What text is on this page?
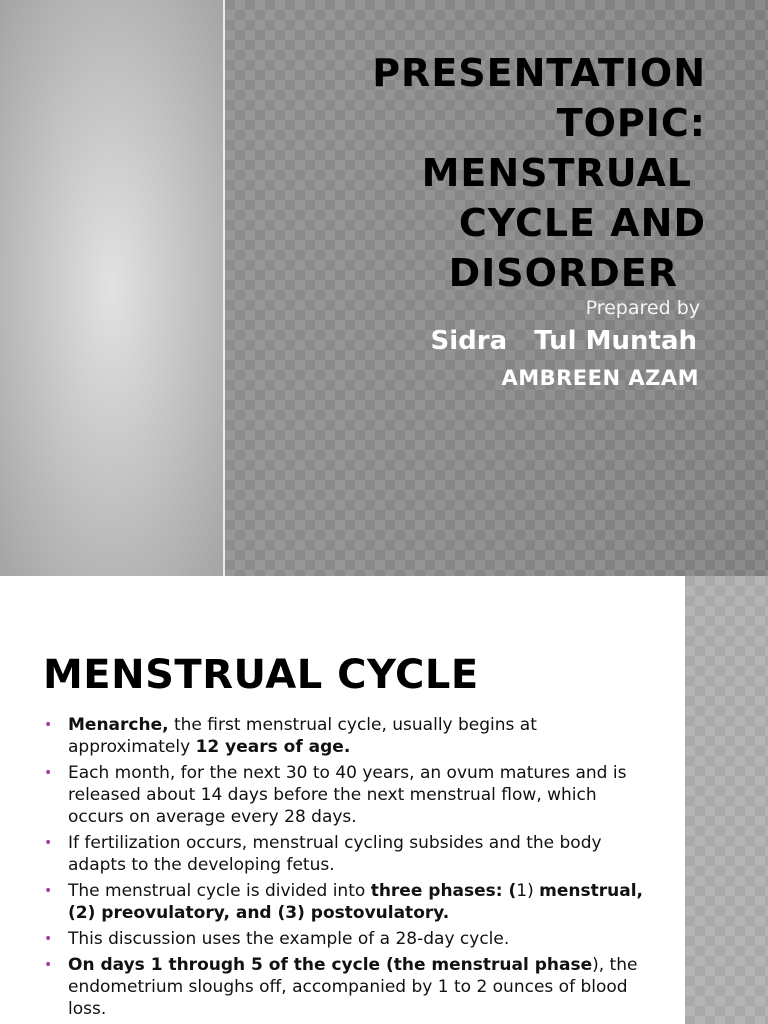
PRESENTATION
TOPIC:
MENSTRUAL
CYCLE AND
DISORDER

Prepared by

Sidra   Tul Muntah

AMBREEN AZAM

MENSTRUAL CYCLE
• Menarche, the first menstrual cycle, usually begins at approximately 12 years of age.
• Each month, for the next 30 to 40 years, an ovum matures and is released about 14 days before the next menstrual flow, which occurs on average every 28 days.
• If fertilization occurs, menstrual cycling subsides and the body adapts to the developing fetus.
• The menstrual cycle is divided into three phases: (1) menstrual, (2) preovulatory, and (3) postovulatory.
• This discussion uses the example of a 28-day cycle.
• On days 1 through 5 of the cycle (the menstrual phase), the endometrium sloughs off, accompanied by 1 to 2 ounces of blood loss.
